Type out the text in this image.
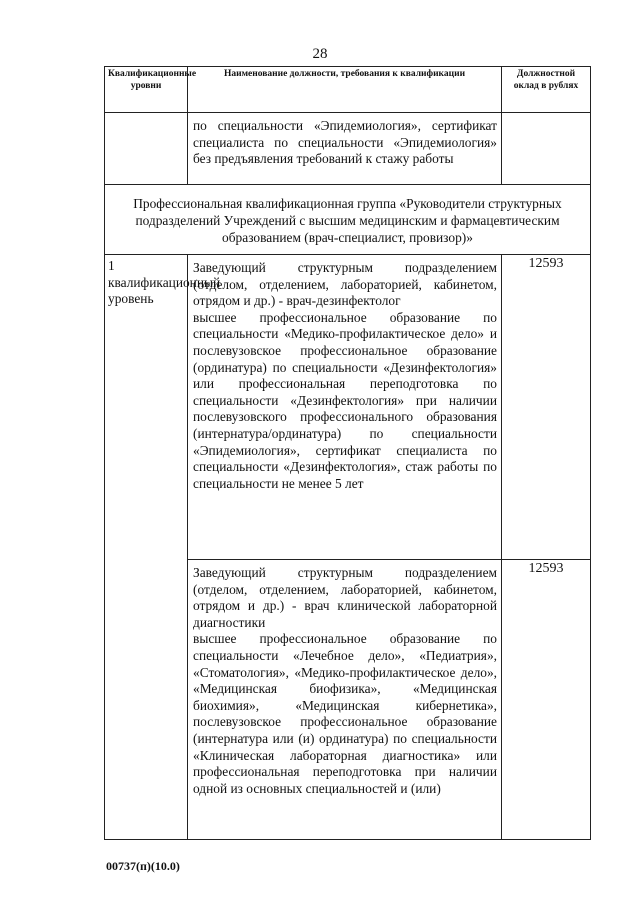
28
Квалификационные уровни	Наименование должности, требования к квалификации	Должностной оклад в рублях
	по специальности «Эпидемиология», сертификат специалиста по специальности «Эпидемиология» без предъявления требований к стажу работы	
Профессиональная квалификационная группа «Руководители структурных подразделений Учреждений с высшим медицинским и фармацевтическим образованием (врач-специалист, провизор)»		
1 квалификационный уровень	Заведующий структурным подразделением (отделом, отделением, лабораторией, кабинетом, отрядом и др.) - врач-дезинфектолог
высшее профессиональное образование по специальности «Медико-профилактическое дело» и послевузовское профессиональное образование (ординатура) по специальности «Дезинфектология» или профессиональная переподготовка по специальности «Дезинфектология» при наличии послевузовского профессионального образования (интернатура/ординатура) по специальности «Эпидемиология», сертификат специалиста по специальности «Дезинфектология», стаж работы по специальности не менее 5 лет	12593

	Заведующий структурным подразделением (отделом, отделением, лабораторией, кабинетом, отрядом и др.) - врач клинической лабораторной диагностики
высшее профессиональное образование по специальности «Лечебное дело», «Педиатрия», «Стоматология», «Медико-профилактическое дело», «Медицинская биофизика», «Медицинская биохимия», «Медицинская кибернетика», послевузовское профессиональное образование (интернатура или (и) ординатура) по специальности «Клиническая лабораторная диагностика» или профессиональная переподготовка при наличии одной из основных специальностей и (или)	12593
00737(п)(10.0)
